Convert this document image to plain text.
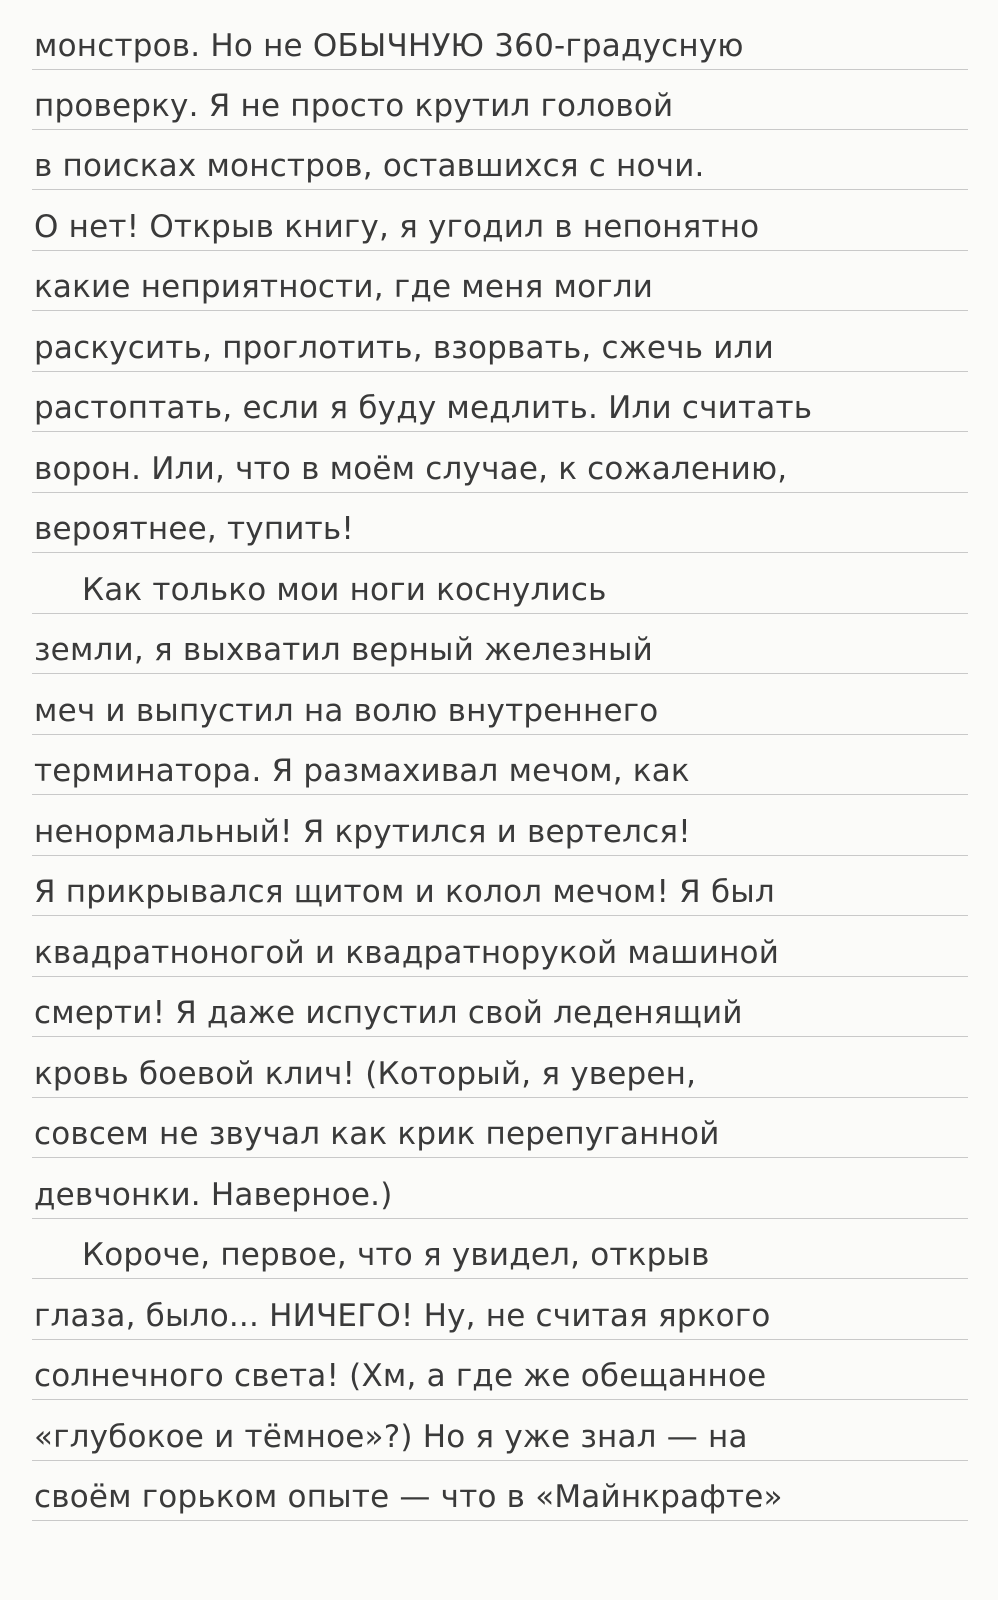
монстров. Но не ОБЫЧНУЮ 360-градусную
проверку. Я не просто крутил головой
в поисках монстров, оставшихся с ночи.
О нет! Открыв книгу, я угодил в непонятно
какие неприятности, где меня могли
раскусить, проглотить, взорвать, сжечь или
растоптать, если я буду медлить. Или считать
ворон. Или, что в моём случае, к сожалению,
вероятнее, тупить!
Как только мои ноги коснулись
земли, я выхватил верный железный
меч и выпустил на волю внутреннего
терминатора. Я размахивал мечом, как
ненормальный! Я крутился и вертелся!
Я прикрывался щитом и колол мечом! Я был
квадратноногой и квадратнорукой машиной
смерти! Я даже испустил свой леденящий
кровь боевой клич! (Который, я уверен,
совсем не звучал как крик перепуганной
девчонки. Наверное.)
Короче, первое, что я увидел, открыв
глаза, было... НИЧЕГО! Ну, не считая яркого
солнечного света! (Хм, а где же обещанное
«глубокое и тёмное»?) Но я уже знал — на
своём горьком опыте — что в «Майнкрафте»
